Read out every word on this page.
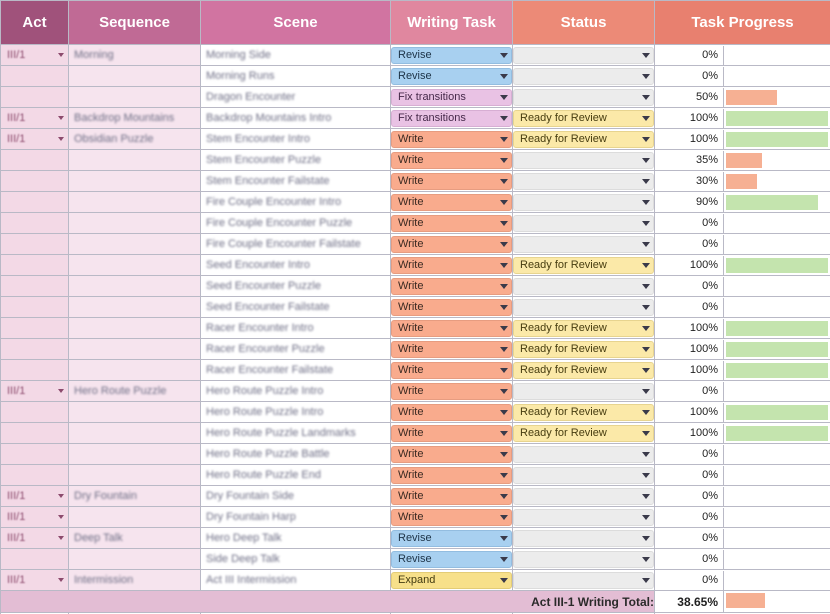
Act	Sequence	Scene	Writing Task	Status	Task Progress

III/1	Morning	Morning Side	Revise		0%

		Morning Runs	Revise		0%

		Dragon Encounter	Fix transitions		50%

III/1	Backdrop Mountains	Backdrop Mountains Intro	Fix transitions	Ready for Review	100%

III/1	Obsidian Puzzle	Stem Encounter Intro	Write	Ready for Review	100%

		Stem Encounter Puzzle	Write		35%

		Stem Encounter Failstate	Write		30%

		Fire Couple Encounter Intro	Write		90%

		Fire Couple Encounter Puzzle	Write		0%

		Fire Couple Encounter Failstate	Write		0%

		Seed Encounter Intro	Write	Ready for Review	100%

		Seed Encounter Puzzle	Write		0%

		Seed Encounter Failstate	Write		0%

		Racer Encounter Intro	Write	Ready for Review	100%

		Racer Encounter Puzzle	Write	Ready for Review	100%

		Racer Encounter Failstate	Write	Ready for Review	100%

III/1	Hero Route Puzzle	Hero Route Puzzle Intro	Write		0%

		Hero Route Puzzle Intro	Write	Ready for Review	100%

		Hero Route Puzzle Landmarks	Write	Ready for Review	100%

		Hero Route Puzzle Battle	Write		0%

		Hero Route Puzzle End	Write		0%

III/1	Dry Fountain	Dry Fountain Side	Write		0%

III/1		Dry Fountain Harp	Write		0%

III/1	Deep Talk	Hero Deep Talk	Revise		0%

		Side Deep Talk	Revise		0%

III/1	Intermission	Act III Intermission	Expand		0%

Act III-1 Writing Total:					38.65%
